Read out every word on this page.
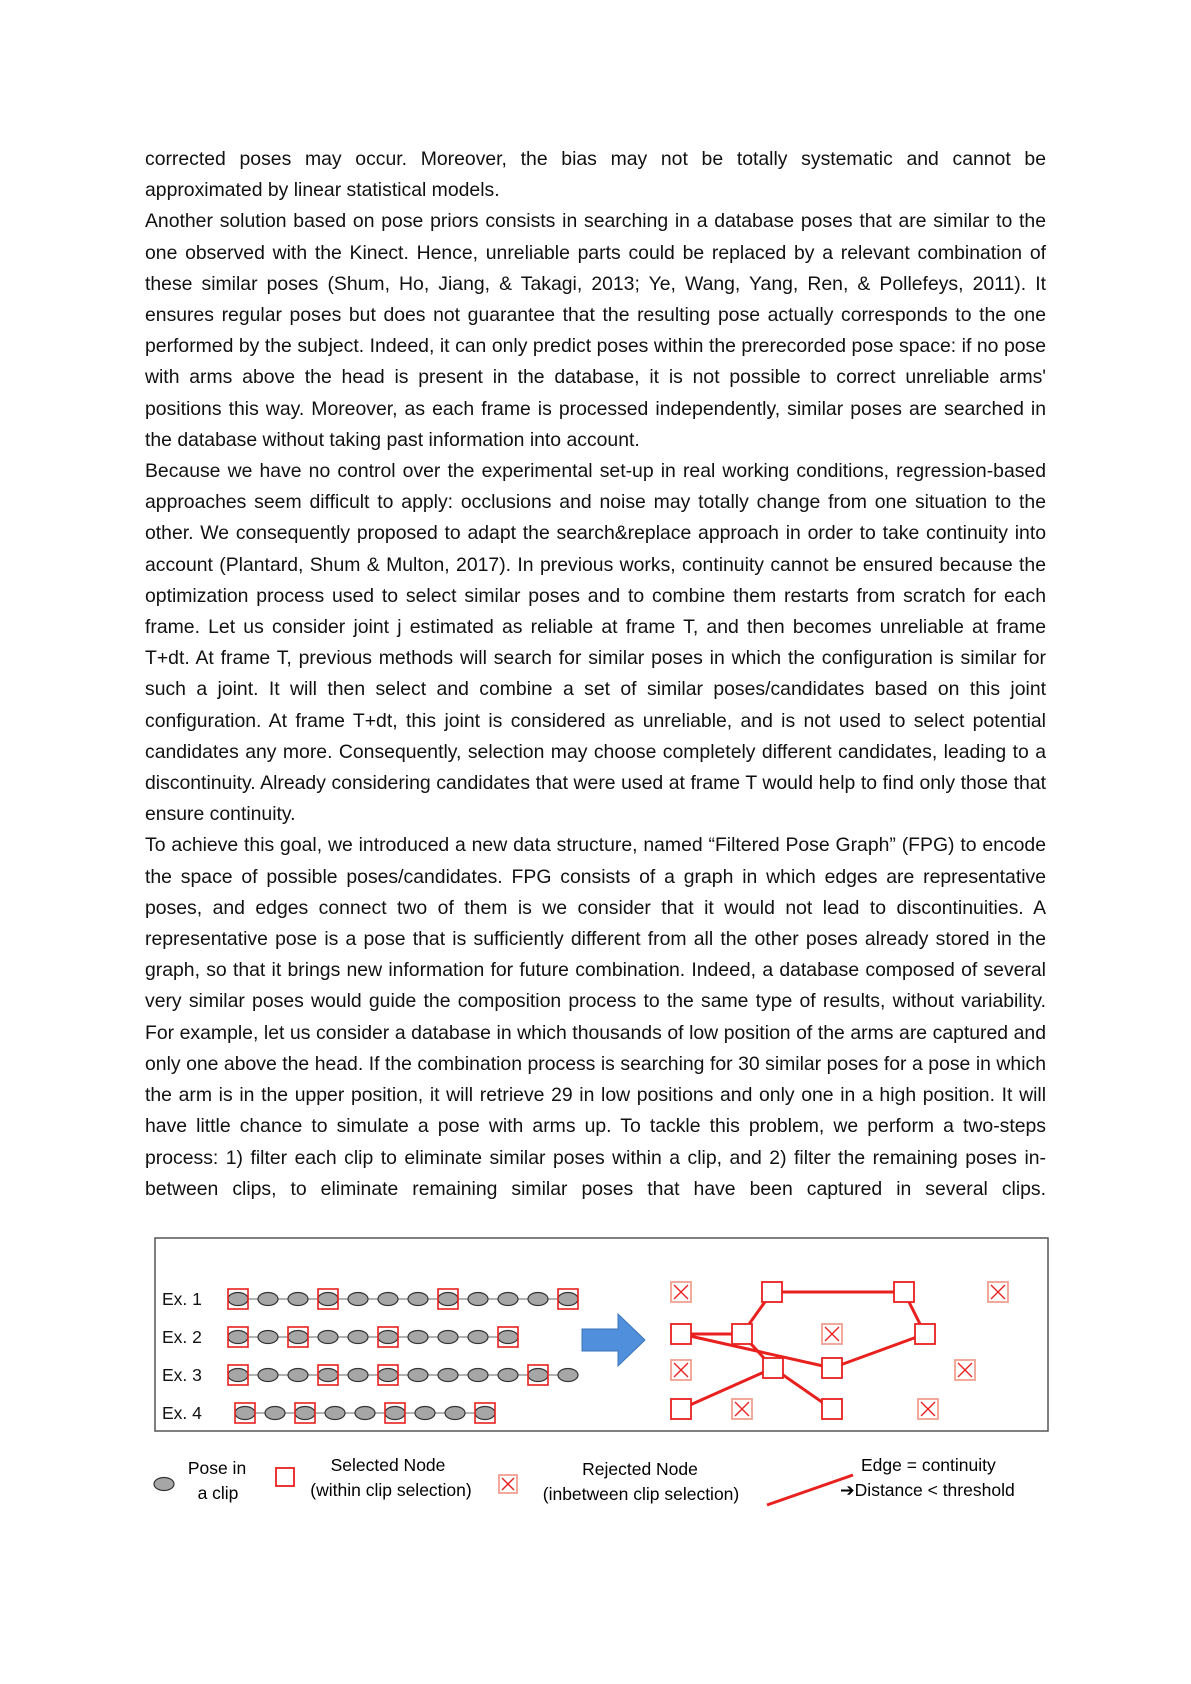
corrected poses may occur. Moreover, the bias may not be totally systematic and cannot be approximated by linear statistical models.

Another solution based on pose priors consists in searching in a database poses that are similar to the one observed with the Kinect. Hence, unreliable parts could be replaced by a relevant combination of these similar poses (Shum, Ho, Jiang, & Takagi, 2013; Ye, Wang, Yang, Ren, & Pollefeys, 2011). It ensures regular poses but does not guarantee that the resulting pose actually corresponds to the one performed by the subject. Indeed, it can only predict poses within the prerecorded pose space: if no pose with arms above the head is present in the database, it is not possible to correct unreliable arms' positions this way. Moreover, as each frame is processed independently, similar poses are searched in the database without taking past information into account.

Because we have no control over the experimental set-up in real working conditions, regression-based approaches seem difficult to apply: occlusions and noise may totally change from one situation to the other. We consequently proposed to adapt the search&replace approach in order to take continuity into account (Plantard, Shum & Multon, 2017). In previous works, continuity cannot be ensured because the optimization process used to select similar poses and to combine them restarts from scratch for each frame. Let us consider joint j estimated as reliable at frame T, and then becomes unreliable at frame T+dt. At frame T, previous methods will search for similar poses in which the configuration is similar for such a joint. It will then select and combine a set of similar poses/candidates based on this joint configuration. At frame T+dt, this joint is considered as unreliable, and is not used to select potential candidates any more. Consequently, selection may choose completely different candidates, leading to a discontinuity. Already considering candidates that were used at frame T would help to find only those that ensure continuity.

To achieve this goal, we introduced a new data structure, named “Filtered Pose Graph” (FPG) to encode the space of possible poses/candidates. FPG consists of a graph in which edges are representative poses, and edges connect two of them is we consider that it would not lead to discontinuities. A representative pose is a pose that is sufficiently different from all the other poses already stored in the graph, so that it brings new information for future combination. Indeed, a database composed of several very similar poses would guide the composition process to the same type of results, without variability. For example, let us consider a database in which thousands of low position of the arms are captured and only one above the head. If the combination process is searching for 30 similar poses for a pose in which the arm is in the upper position, it will retrieve 29 in low positions and only one in a high position. It will have little chance to simulate a pose with arms up. To tackle this problem, we perform a two-steps process: 1) filter each clip to eliminate similar poses within a clip, and 2) filter the remaining poses in-between clips, to eliminate remaining similar poses that have been captured in several clips.

Ex. 1
Ex. 2
Ex. 3
Ex. 4
Pose in
a clip
Selected Node
(within clip selection)
Rejected Node
(inbetween clip selection)
Edge = continuity
➔Distance < threshold
